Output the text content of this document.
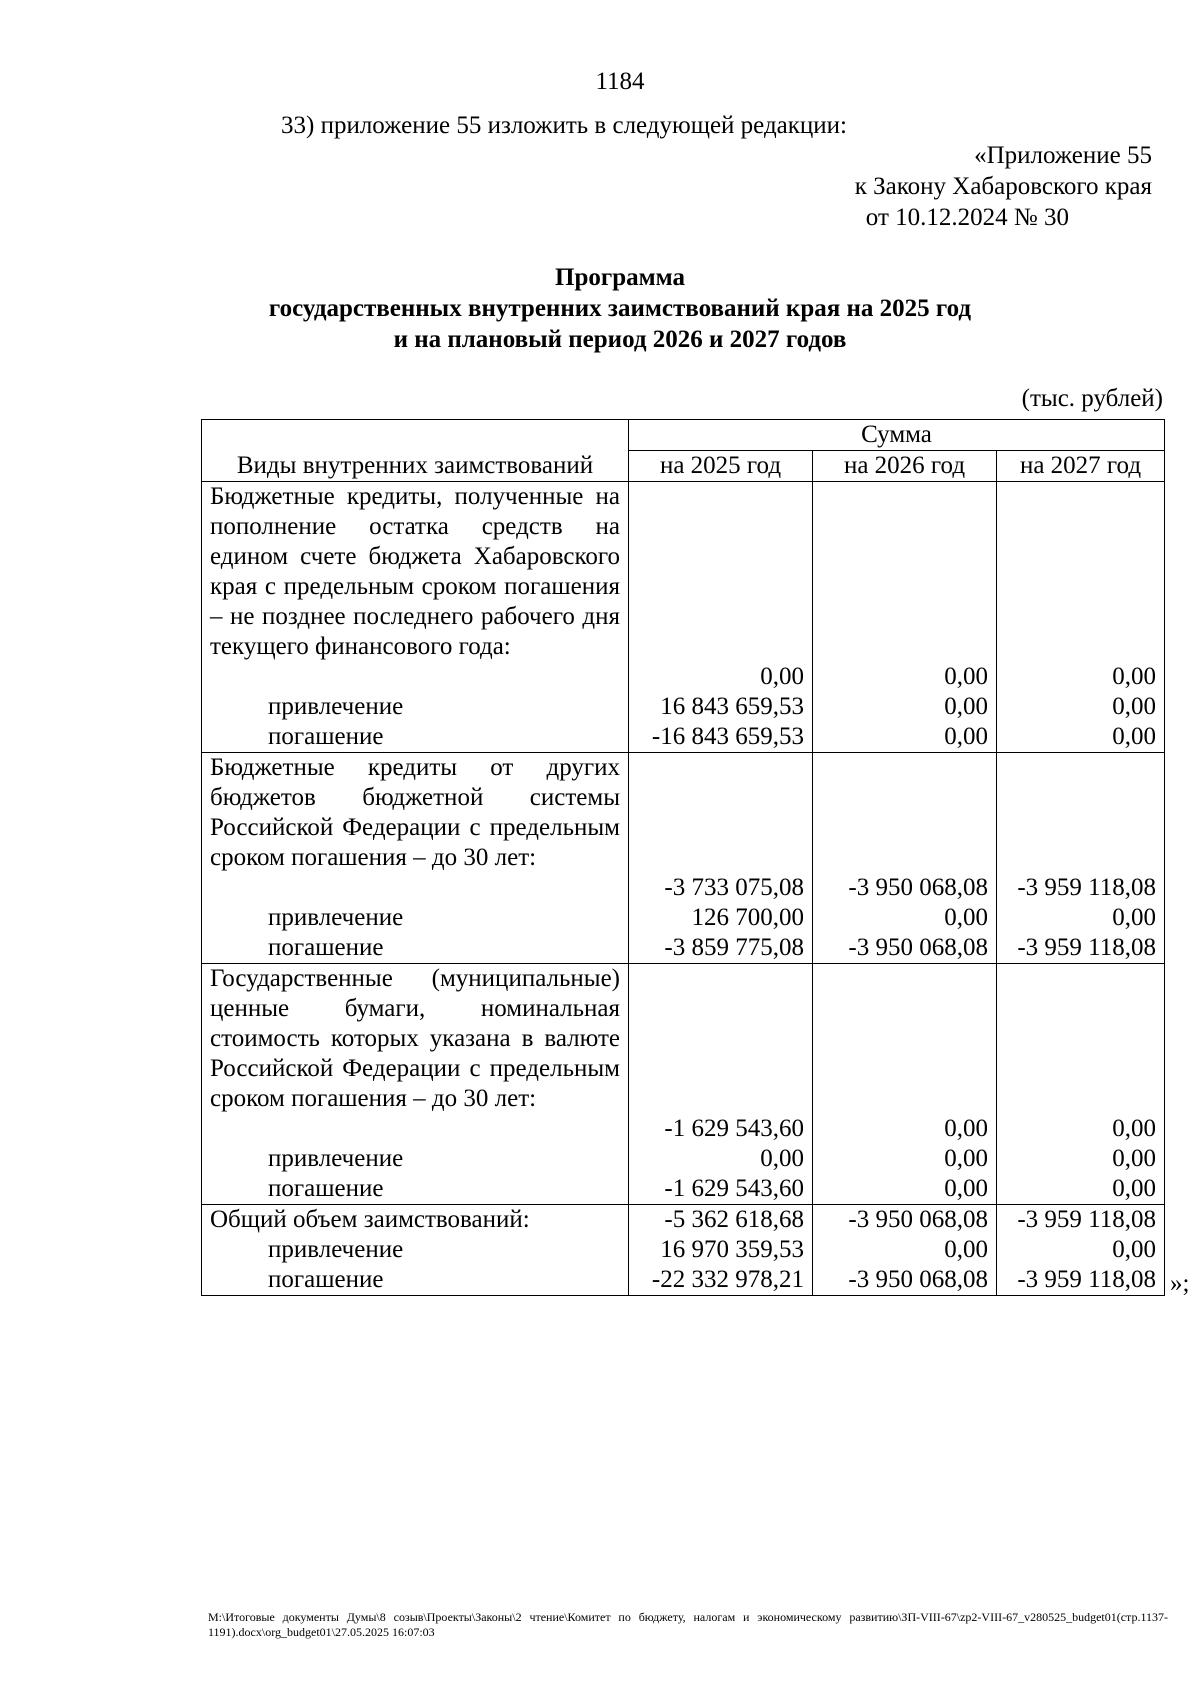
1184
33) приложение 55 изложить в следующей редакции:
«Приложение 55
к Закону Хабаровского края
от 10.12.2024 № 30
Программа
государственных внутренних заимствований края на 2025 год
и на плановый период 2026 и 2027 годов
(тыс. рублей)
Виды внутренних заимствований	Сумма		
	на 2025 год	на 2026 год	на 2027 год

Бюджетные кредиты, полученные на пополнение остатка средств на едином счете бюджета Хабаровского края с предельным сроком погашения – не позднее последнего рабочего дня текущего финансового года:	0,00	0,00	0,00
привлечение	16 843 659,53	0,00	0,00
погашение	-16 843 659,53	0,00	0,00

Бюджетные кредиты от других бюджетов бюджетной системы Российской Федерации с предельным сроком погашения – до 30 лет:	-3 733 075,08	-3 950 068,08	-3 959 118,08
привлечение	126 700,00	0,00	0,00
погашение	-3 859 775,08	-3 950 068,08	-3 959 118,08

Государственные (муниципальные) ценные бумаги, номинальная стоимость которых указана в валюте Российской Федерации с предельным сроком погашения – до 30 лет:	-1 629 543,60	0,00	0,00
привлечение	0,00	0,00	0,00
погашение	-1 629 543,60	0,00	0,00
Общий объем заимствований:	-5 362 618,68	-3 950 068,08	-3 959 118,08
привлечение	16 970 359,53	0,00	0,00
погашение	-22 332 978,21	-3 950 068,08	-3 959 118,08 »;
M:\Итоговые документы Думы\8 созыв\Проекты\Законы\2 чтение\Комитет по бюджету, налогам и экономическому развитию\ЗП-VIII-67\zp2-VIII-67_v280525_budget01(стр.1137-1191).docx\org_budget01\27.05.2025 16:07:03
